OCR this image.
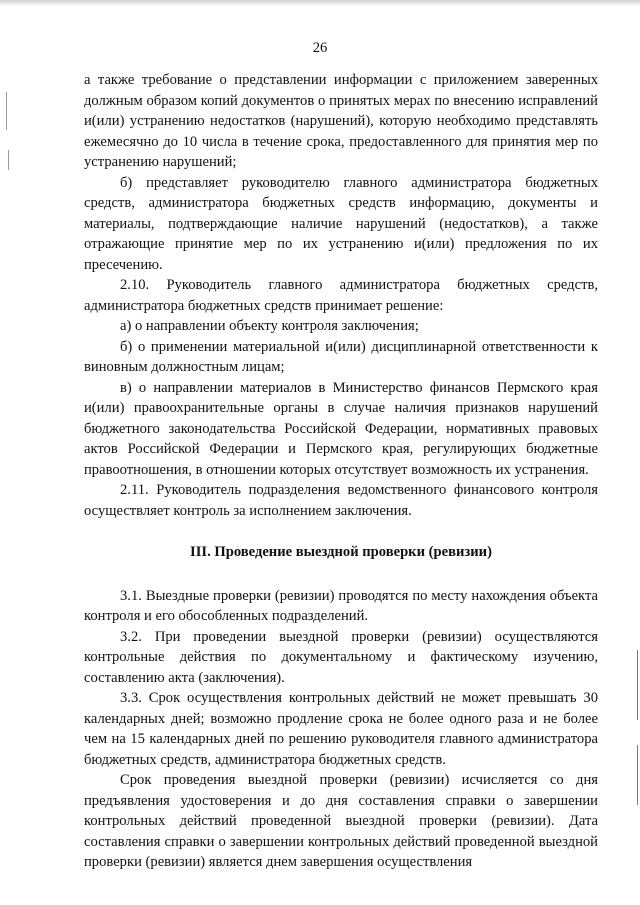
26

а также требование о представлении информации с приложением заверенных должным образом копий документов о принятых мерах по внесению исправлений и(или) устранению недостатков (нарушений), которую необходимо представлять ежемесячно до 10 числа в течение срока, предоставленного для принятия мер по устранению нарушений;

б) представляет руководителю главного администратора бюджетных средств, администратора бюджетных средств информацию, документы и материалы, подтверждающие наличие нарушений (недостатков), а также отражающие принятие мер по их устранению и(или) предложения по их пресечению.

2.10. Руководитель главного администратора бюджетных средств, администратора бюджетных средств принимает решение:

а) о направлении объекту контроля заключения;

б) о применении материальной и(или) дисциплинарной ответственности к виновным должностным лицам;

в) о направлении материалов в Министерство финансов Пермского края и(или) правоохранительные органы в случае наличия признаков нарушений бюджетного законодательства Российской Федерации, нормативных правовых актов Российской Федерации и Пермского края, регулирующих бюджетные правоотношения, в отношении которых отсутствует возможность их устранения.

2.11. Руководитель подразделения ведомственного финансового контроля осуществляет контроль за исполнением заключения.

III. Проведение выездной проверки (ревизии)

3.1. Выездные проверки (ревизии) проводятся по месту нахождения объекта контроля и его обособленных подразделений.

3.2. При проведении выездной проверки (ревизии) осуществляются контрольные действия по документальному и фактическому изучению, составлению акта (заключения).

3.3. Срок осуществления контрольных действий не может превышать 30 календарных дней; возможно продление срока не более одного раза и не более чем на 15 календарных дней по решению руководителя главного администратора бюджетных средств, администратора бюджетных средств.

Срок проведения выездной проверки (ревизии) исчисляется со дня предъявления удостоверения и до дня составления справки о завершении контрольных действий проведенной выездной проверки (ревизии). Дата составления справки о завершении контрольных действий проведенной выездной проверки (ревизии) является днем завершения осуществления
